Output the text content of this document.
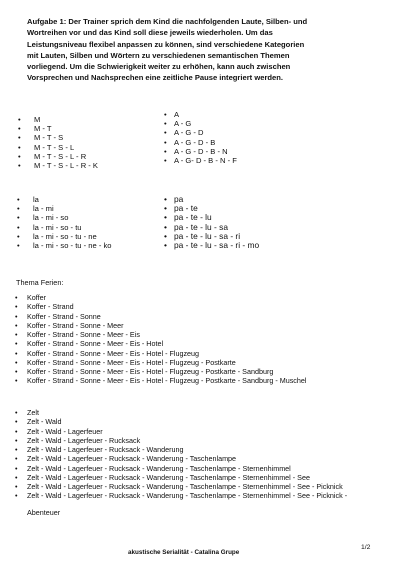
Aufgabe 1: Der Trainer sprich dem Kind die nachfolgenden Laute, Silben- und

Wortreihen vor und das Kind soll diese jeweils wiederholen. Um das

Leistungsniveau flexibel anpassen zu können, sind verschiedene Kategorien

mit Lauten, Silben und Wörtern zu verschiedenen semantischen Themen

vorliegend. Um die Schwierigkeit weiter zu erhöhen, kann auch zwischen

Vorsprechen und Nachsprechen eine zeitliche Pause integriert werden.

• M
• M - T
• M - T - S
• M - T - S - L
• M - T - S - L - R
• M - T - S - L - R - K
• A
• A - G
• A - G - D
• A - G - D - B
• A - G - D - B - N
• A - G- D - B - N - F
• la
• la - mi
• la - mi - so
• la - mi - so - tu
• la - mi - so - tu - ne
• la - mi - so - tu - ne - ko
• pa
• pa - te
• pa - te - lu
• pa - te - lu - sa
• pa - te - lu - sa - ri
• pa - te - lu - sa - ri - mo
Thema Ferien:
• Koffer
• Koffer - Strand
• Koffer - Strand - Sonne
• Koffer - Strand - Sonne - Meer
• Koffer - Strand - Sonne - Meer - Eis
• Koffer - Strand - Sonne - Meer - Eis - Hotel
• Koffer - Strand - Sonne - Meer - Eis - Hotel - Flugzeug
• Koffer - Strand - Sonne - Meer - Eis - Hotel - Flugzeug - Postkarte
• Koffer - Strand - Sonne - Meer - Eis - Hotel - Flugzeug - Postkarte - Sandburg
• Koffer - Strand - Sonne - Meer - Eis - Hotel - Flugzeug - Postkarte - Sandburg - Muschel
• Zelt
• Zelt - Wald
• Zelt - Wald - Lagerfeuer
• Zelt - Wald - Lagerfeuer - Rucksack
• Zelt - Wald - Lagerfeuer - Rucksack - Wanderung
• Zelt - Wald - Lagerfeuer - Rucksack - Wanderung - Taschenlampe
• Zelt - Wald - Lagerfeuer - Rucksack - Wanderung - Taschenlampe - Sternenhimmel
• Zelt - Wald - Lagerfeuer - Rucksack - Wanderung - Taschenlampe - Sternenhimmel - See
• Zelt - Wald - Lagerfeuer - Rucksack - Wanderung - Taschenlampe - Sternenhimmel - See - Picknick
• Zelt - Wald - Lagerfeuer - Rucksack - Wanderung - Taschenlampe - Sternenhimmel - See - Picknick -
Abenteuer
akustische Serialität - Catalina Grupe
1/2
